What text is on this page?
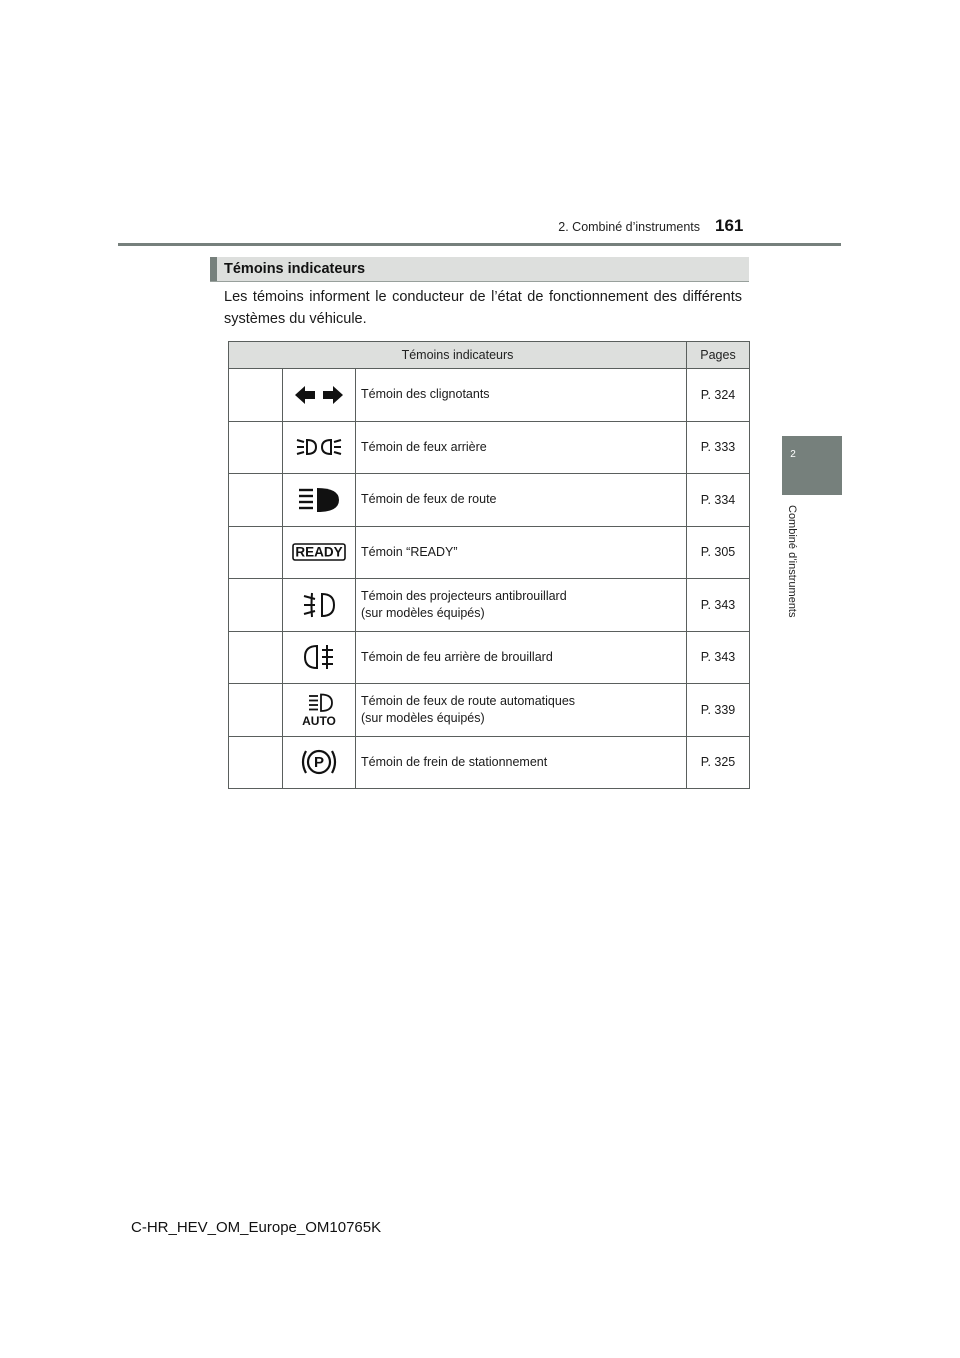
2. Combiné d’instruments 161
2
Combiné d’instruments
Témoins indicateurs
Les témoins informent le conducteur de l’état de fonctionnement des différents systèmes du véhicule.
Témoins indicateurs			Pages

Témoin des clignotants	P. 324

Témoin de feux arrière	P. 333

Témoin de feux de route	P. 334

READY	Témoin “READY”	P. 305

Témoin des projecteurs antibrouillard
(sur modèles équipés)	P. 343

Témoin de feu arrière de brouillard	P. 343

AUTO	Témoin de feux de route automatiques
(sur modèles équipés)	P. 339

P	Témoin de frein de stationnement	P. 325
C-HR_HEV_OM_Europe_OM10765K
